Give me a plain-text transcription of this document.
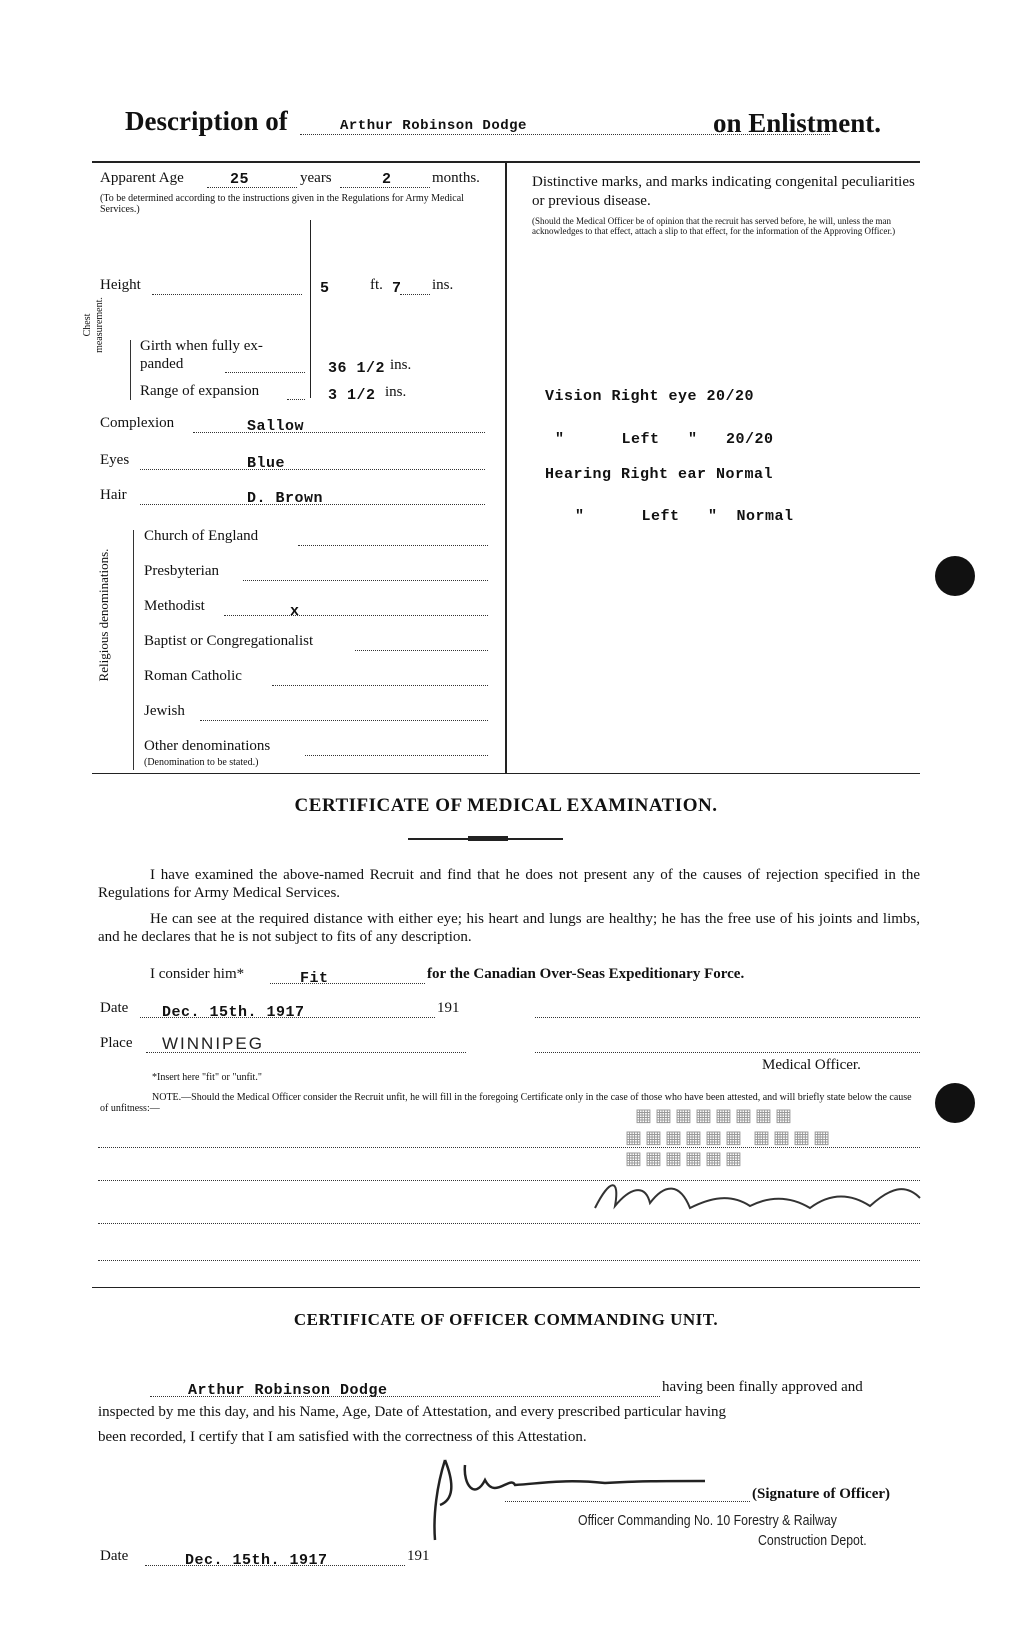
Description of	Arthur Robinson Dodge	on Enlistment.
Apparent Age	25	years	2	months.
(To be determined according to the instructions given in the Regulations for Army Medical Services.)
Height	5	ft. 7 ins.
Chest measurement. Girth when fully ex-
panded	36 1/2 ins.
Range of expansion	3 1/2 ins.
Complexion	Sallow
Eyes	Blue
Hair	D. Brown
Religious denominations.
Church of England
Presbyterian
Methodist	x
Baptist or Congregationalist
Roman Catholic
Jewish
Other denominations
(Denomination to be stated.)
Distinctive marks, and marks indicating congenital peculiarities or previous disease.
(Should the Medical Officer be of opinion that the recruit has served before, he will, unless the man acknowledges to that effect, attach a slip to that effect, for the information of the Approving Officer.)
Vision Right eye 20/20
"      Left   "   20/20
Hearing Right ear Normal
"      Left   "  Normal
CERTIFICATE OF MEDICAL EXAMINATION.
I have examined the above-named Recruit and find that he does not present any of the causes of rejection specified in the Regulations for Army Medical Services.
He can see at the required distance with either eye; his heart and lungs are healthy; he has the free use of his joints and limbs, and he declares that he is not subject to fits of any description.
I consider him*	Fit	for the Canadian Over-Seas Expeditionary Force.
Date Dec. 15th. 1917	191
Place WINNIPEG
Medical Officer.
*Insert here "fit" or "unfit."
NOTE.—Should the Medical Officer consider the Recruit unfit, he will fill in the foregoing Certificate only in the case of those who have been attested, and will briefly state below the cause of unfitness:—	▦▦▦▦▦▦▦▦
▦▦▦▦▦▦ ▦▦▦▦   ▦▦▦▦▦▦
CERTIFICATE OF OFFICER COMMANDING UNIT.
Arthur Robinson Dodge	having been finally approved and
inspected by me this day, and his Name, Age, Date of Attestation, and every prescribed particular having
been recorded, I certify that I am satisfied with the correctness of this Attestation.
(Signature of Officer)
Officer Commanding No. 10 Forestry & Railway
Construction Depot.
Date	Dec. 15th. 1917	191
